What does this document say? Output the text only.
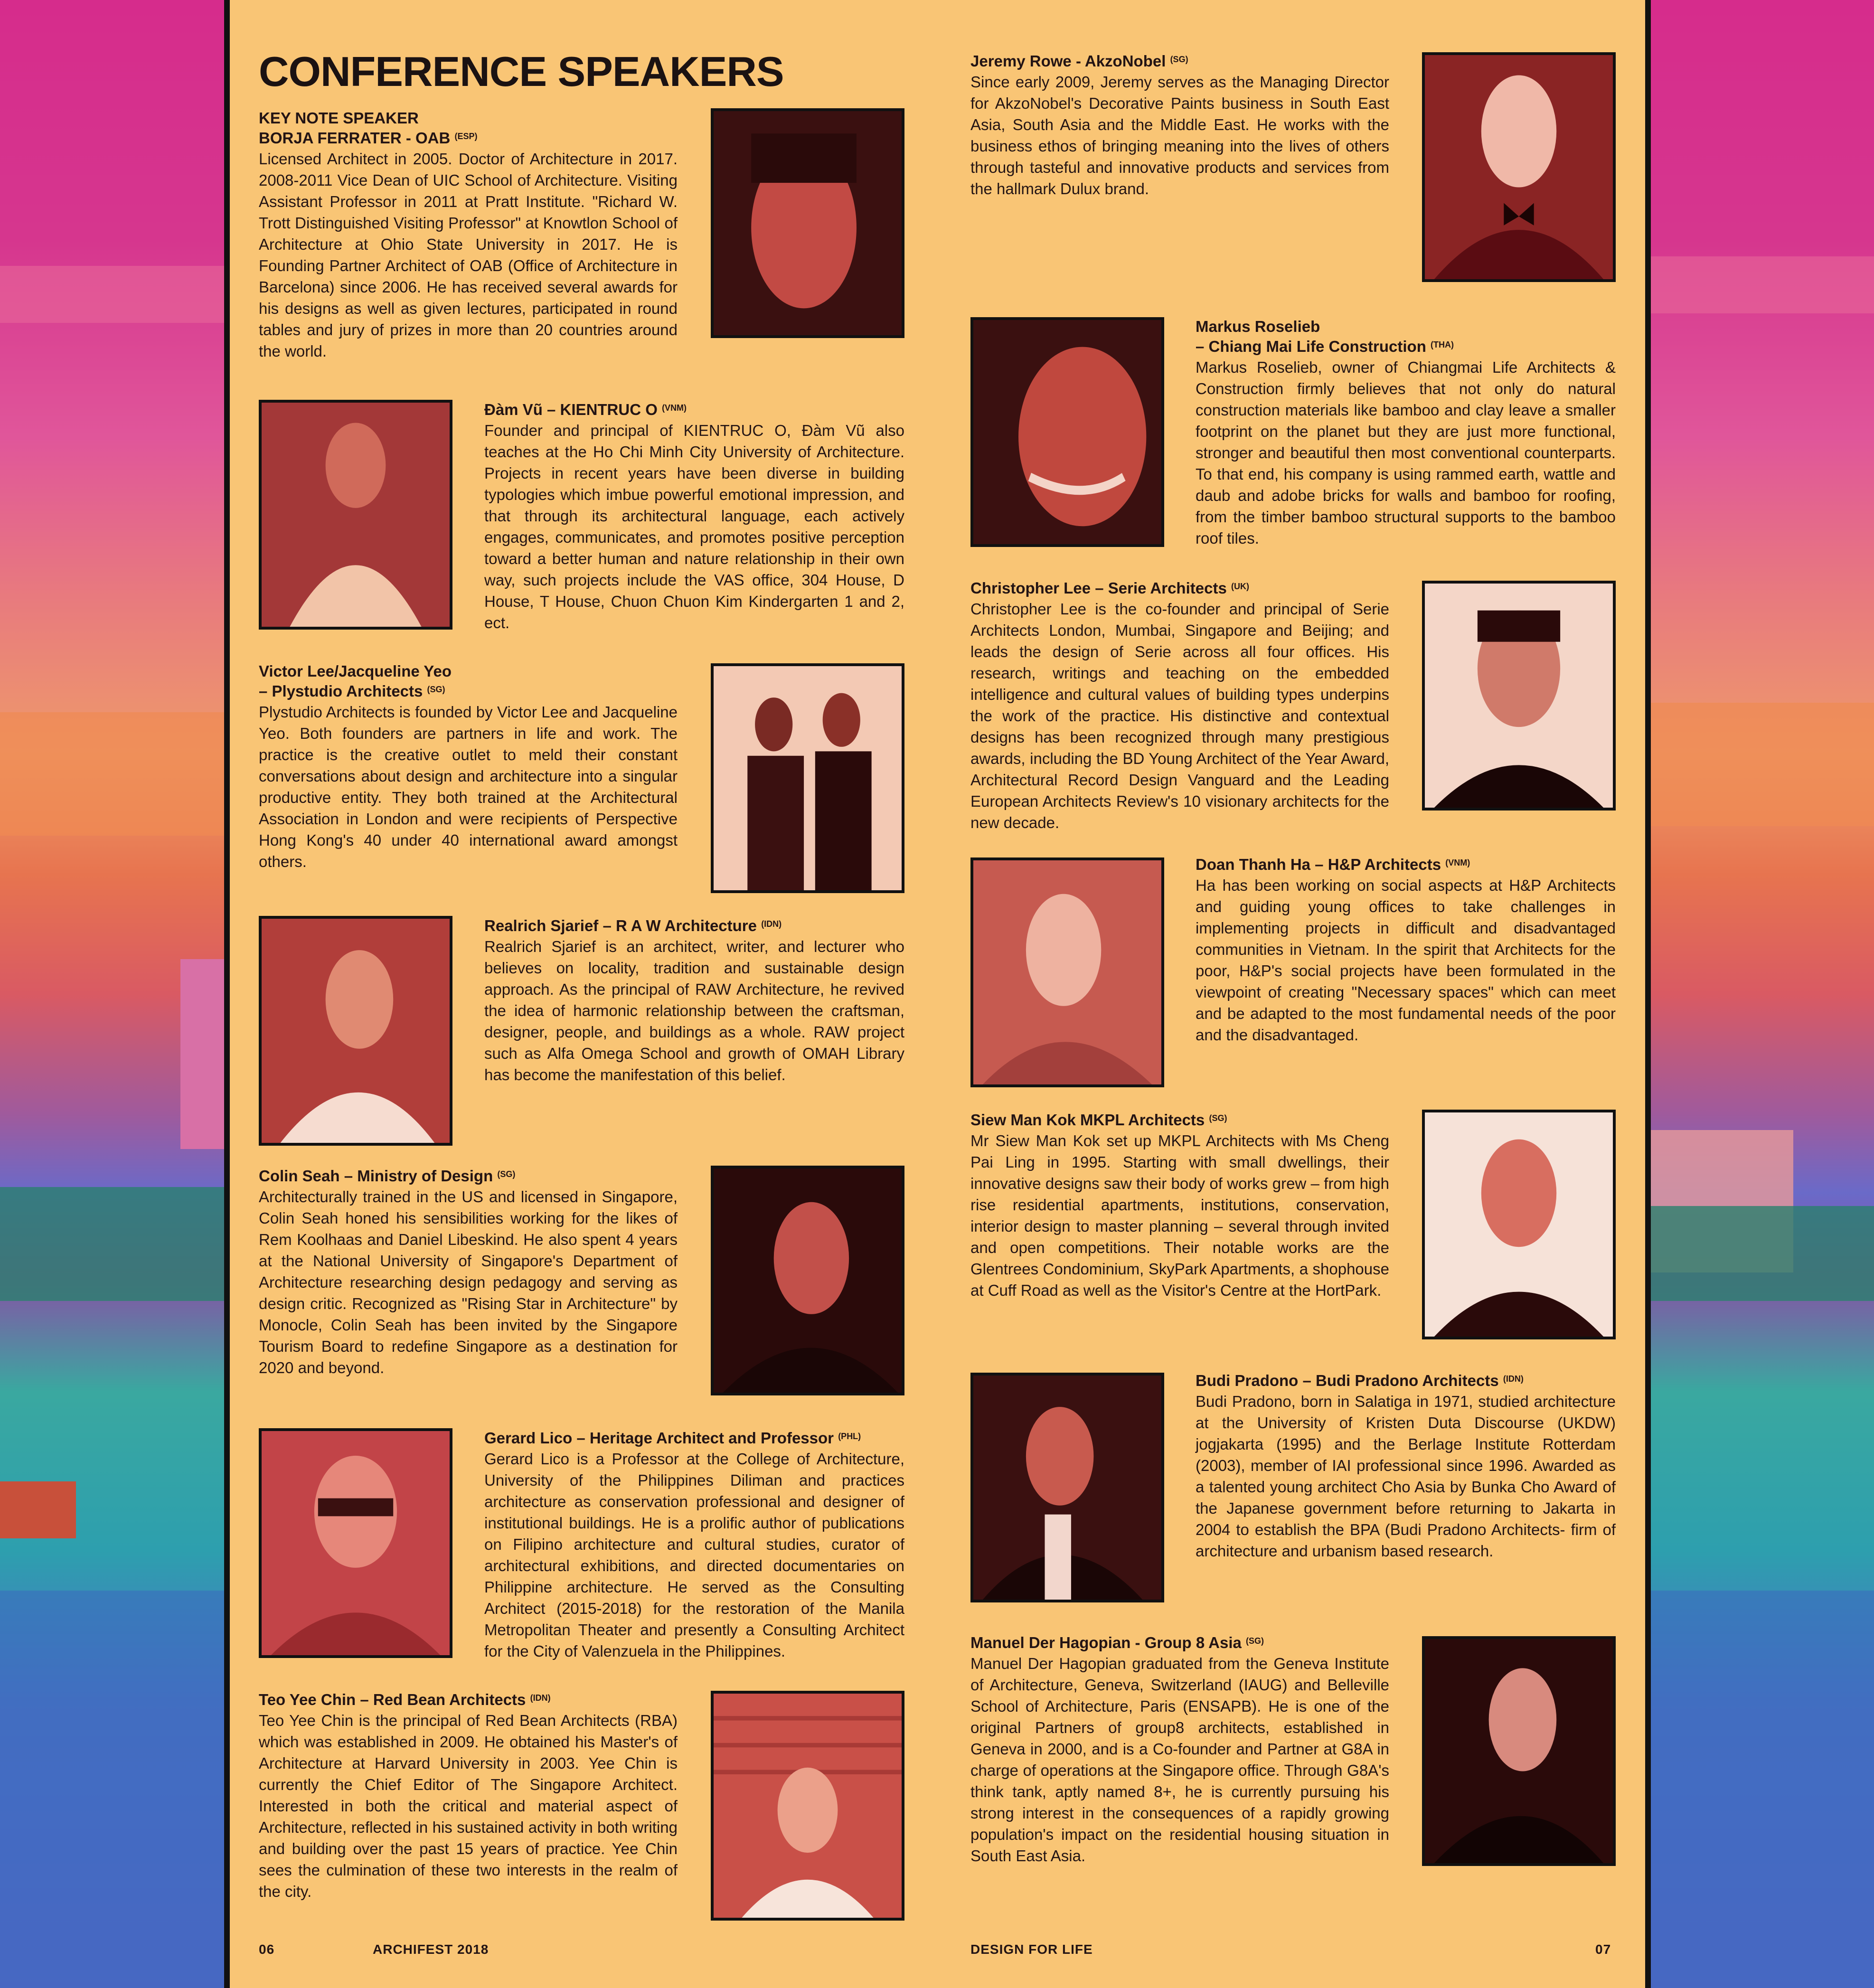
CONFERENCE SPEAKERS

KEY NOTE SPEAKER

BORJA FERRATER - OAB $^{(ESP)}$

Licensed Architect in 2005. Doctor of Architecture in 2017. 2008-2011 Vice Dean of UIC School of Architecture. Visiting Assistant Professor in 2011 at Pratt Institute. "Richard W. Trott Distinguished Visiting Professor" at Knowtlon School of Architecture at Ohio State University in 2017. He is Founding Partner Architect of OAB (Office of Architecture in Barcelona) since 2006. He has received several awards for his designs as well as given lectures, participated in round tables and jury of prizes in more than 20 countries around the world.

Đàm Vũ – KIENTRUC O $^{(VNM)}$

Founder and principal of KIENTRUC O, Đàm Vũ also teaches at the Ho Chi Minh City University of Architecture. Projects in recent years have been diverse in building typologies which imbue powerful emotional impression, and that through its architectural language, each actively engages, communicates, and promotes positive perception toward a better human and nature relationship in their own way, such projects include the VAS office, 304 House, D House, T House, Chuon Chuon Kim Kindergarten 1 and 2, ect.

Victor Lee/Jacqueline Yeo

– Plystudio Architects $^{(SG)}$

Plystudio Architects is founded by Victor Lee and Jacqueline Yeo. Both founders are partners in life and work. The practice is the creative outlet to meld their constant conversations about design and architecture into a singular productive entity. They both trained at the Architectural Association in London and were recipients of Perspective Hong Kong's 40 under 40 international award amongst others.

Realrich Sjarief – R A W Architecture $^{(IDN)}$

Realrich Sjarief is an architect, writer, and lecturer who believes on locality, tradition and sustainable design approach. As the principal of RAW Architecture, he revived the idea of harmonic relationship between the craftsman, designer, people, and buildings as a whole. RAW project such as Alfa Omega School and growth of OMAH Library has become the manifestation of this belief.

Colin Seah – Ministry of Design $^{(SG)}$

Architecturally trained in the US and licensed in Singapore, Colin Seah honed his sensibilities working for the likes of Rem Koolhaas and Daniel Libeskind. He also spent 4 years at the National University of Singapore's Department of Architecture researching design pedagogy and serving as design critic. Recognized as "Rising Star in Architecture" by Monocle, Colin Seah has been invited by the Singapore Tourism Board to redefine Singapore as a destination for 2020 and beyond.

Gerard Lico – Heritage Architect and Professor $^{(PHL)}$

Gerard Lico is a Professor at the College of Architecture, University of the Philippines Diliman and practices architecture as conservation professional and designer of institutional buildings. He is a prolific author of publications on Filipino architecture and cultural studies, curator of architectural exhibitions, and directed documentaries on Philippine architecture. He served as the Consulting Architect (2015-2018) for the restoration of the Manila Metropolitan Theater and presently a Consulting Architect for the City of Valenzuela in the Philippines.

Teo Yee Chin – Red Bean Architects $^{(IDN)}$

Teo Yee Chin is the principal of Red Bean Architects (RBA) which was established in 2009. He obtained his Master's of Architecture at Harvard University in 2003. Yee Chin is currently the Chief Editor of The Singapore Architect. Interested in both the critical and material aspect of Architecture, reflected in his sustained activity in both writing and building over the past 15 years of practice. Yee Chin sees the culmination of these two interests in the realm of the city.

Jeremy Rowe - AkzoNobel $^{(SG)}$

Since early 2009, Jeremy serves as the Managing Director for AkzoNobel's Decorative Paints business in South East Asia, South Asia and the Middle East. He works with the business ethos of bringing meaning into the lives of others through tasteful and innovative products and services from the hallmark Dulux brand.

Markus Roselieb

– Chiang Mai Life Construction $^{(THA)}$

Markus Roselieb, owner of Chiangmai Life Architects & Construction firmly believes that not only do natural construction materials like bamboo and clay leave a smaller footprint on the planet but they are just more functional, stronger and beautiful then most conventional counterparts. To that end, his company is using rammed earth, wattle and daub and adobe bricks for walls and bamboo for roofing, from the timber bamboo structural supports to the bamboo roof tiles.

Christopher Lee – Serie Architects $^{(UK)}$

Christopher Lee is the co-founder and principal of Serie Architects London, Mumbai, Singapore and Beijing; and leads the design of Serie across all four offices. His research, writings and teaching on the embedded intelligence and cultural values of building types underpins the work of the practice. His distinctive and contextual designs has been recognized through many prestigious awards, including the BD Young Architect of the Year Award, Architectural Record Design Vanguard and the Leading European Architects Review's 10 visionary architects for the new decade.

Doan Thanh Ha – H&P Architects $^{(VNM)}$

Ha has been working on social aspects at H&P Architects and guiding young offices to take challenges in implementing projects in difficult and disadvantaged communities in Vietnam. In the spirit that Architects for the poor, H&P's social projects have been formulated in the viewpoint of creating "Necessary spaces" which can meet and be adapted to the most fundamental needs of the poor and the disadvantaged.

Siew Man Kok MKPL Architects $^{(SG)}$

Mr Siew Man Kok set up MKPL Architects with Ms Cheng Pai Ling in 1995. Starting with small dwellings, their innovative designs saw their body of works grew – from high rise residential apartments, institutions, conservation, interior design to master planning – several through invited and open competitions. Their notable works are the Glentrees Condominium, SkyPark Apartments, a shophouse at Cuff Road as well as the Visitor's Centre at the HortPark.

Budi Pradono – Budi Pradono Architects $^{(IDN)}$

Budi Pradono, born in Salatiga in 1971, studied architecture at the University of Kristen Duta Discourse (UKDW) jogjakarta (1995) and the Berlage Institute Rotterdam (2003), member of IAI professional since 1996. Awarded as a talented young architect Cho Asia by Bunka Cho Award of the Japanese government before returning to Jakarta in 2004 to establish the BPA (Budi Pradono Architects- firm of architecture and urbanism based research.

Manuel Der Hagopian - Group 8 Asia $^{(SG)}$

Manuel Der Hagopian graduated from the Geneva Institute of Architecture, Geneva, Switzerland (IAUG) and Belleville School of Architecture, Paris (ENSAPB). He is one of the original Partners of group8 architects, established in Geneva in 2000, and is a Co-founder and Partner at G8A in charge of operations at the Singapore office. Through G8A's think tank, aptly named 8+, he is currently pursuing his strong interest in the consequences of a rapidly growing population's impact on the residential housing situation in South East Asia.

06	ARCHIFEST 2018	DESIGN FOR LIFE	07
